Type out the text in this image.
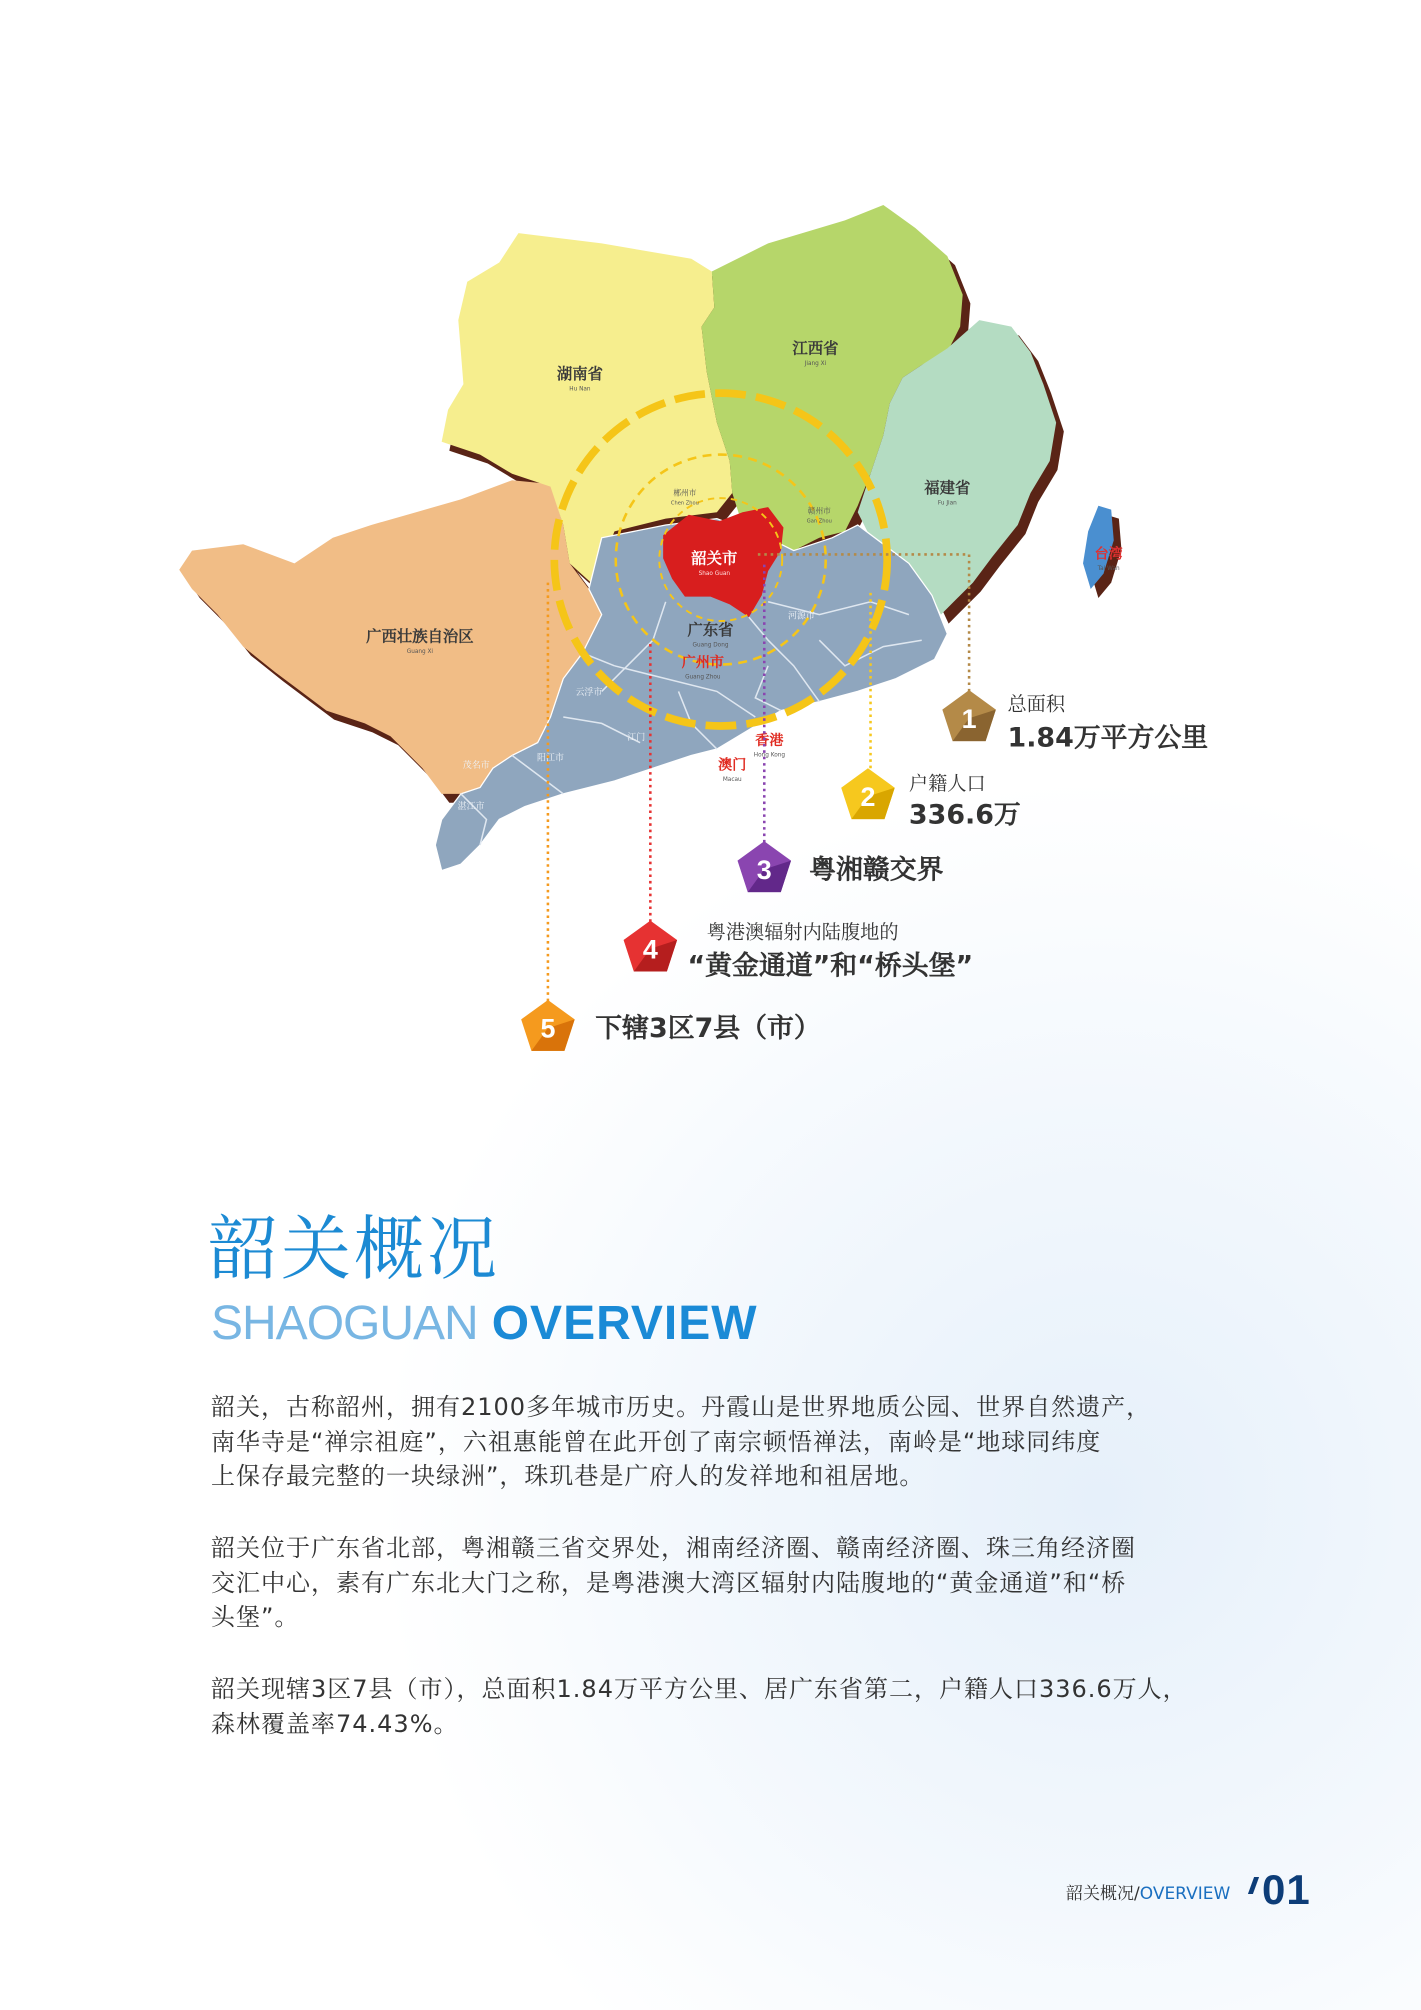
湖南省
Hu Nan
江西省
Jiang Xi
福建省
Fu Jian
台湾
Tai Wan
广西壮族自治区
Guang Xi
广东省
Guang Dong
韶关市
Shao Guan
广州市
Guang Zhou
香港
Hong Kong
澳门
Macau
郴州市
Chen Zhou
赣州市
Gan Zhou
河源市
云浮市
江门
阳江市
茂名市
湛江市
1
2
3
4
5
总面积
1.84万平方公里
户籍人口
336.6万
粤湘赣交界
粤港澳辐射内陆腹地的
“黄金通道”和“桥头堡”
下辖3区7县（市）
韶关概况
SHAOGUAN OVERVIEW
韶关，古称韶州，拥有2100多年城市历史。丹霞山是世界地质公园、世界自然遗产，
南华寺是“禅宗祖庭”，六祖惠能曾在此开创了南宗顿悟禅法，南岭是“地球同纬度
上保存最完整的一块绿洲”，珠玑巷是广府人的发祥地和祖居地。
韶关位于广东省北部，粤湘赣三省交界处，湘南经济圈、赣南经济圈、珠三角经济圈
交汇中心，素有广东北大门之称，是粤港澳大湾区辐射内陆腹地的“黄金通道”和“桥
头堡”。
韶关现辖3区7县（市），总面积1.84万平方公里、居广东省第二，户籍人口336.6万人，
森林覆盖率74.43%。
韶关概况/OVERVIEW 01
